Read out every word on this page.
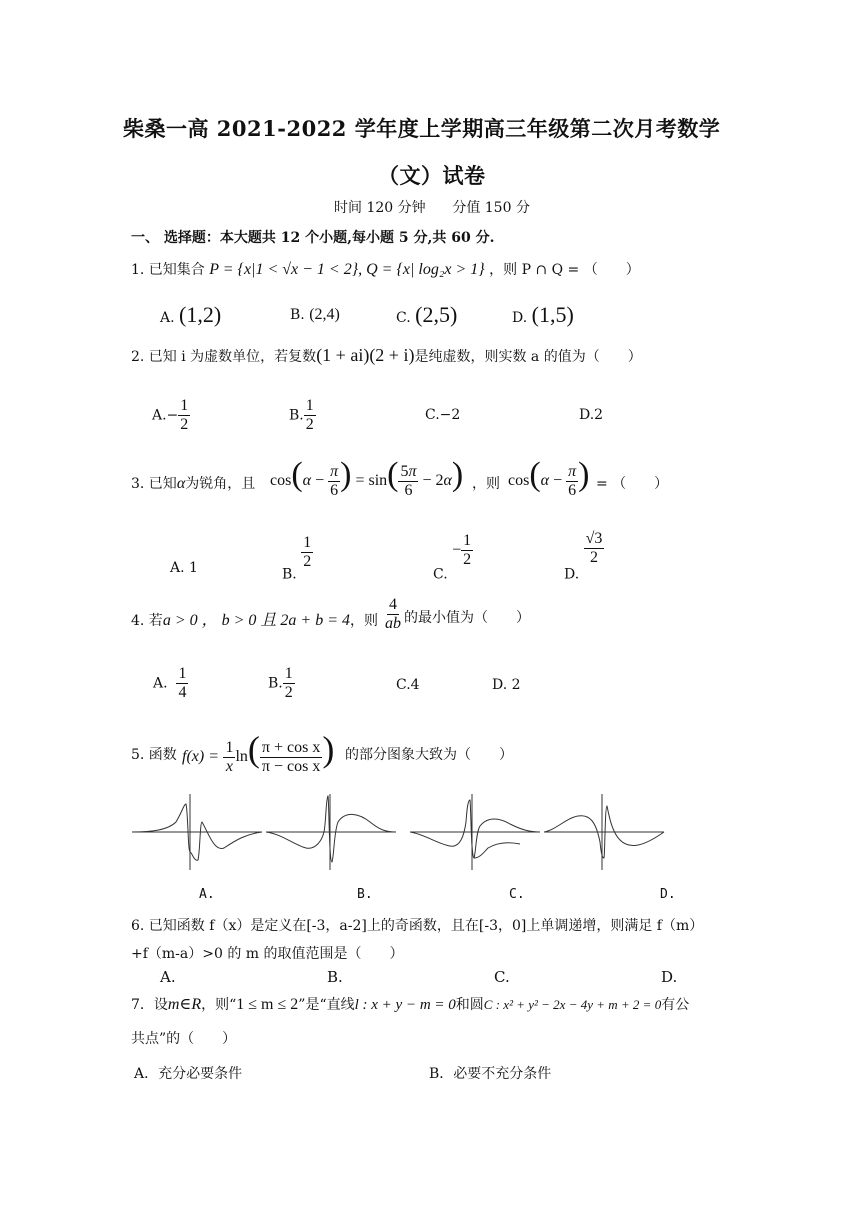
柴桑一高 2021-2022 学年度上学期高三年级第二次月考数学
（文）试卷
时间 120 分钟      分值 150 分
一、 选择题：本大题共 12 个小题,每小题 5 分,共 60 分.
1. 已知集合 P = {x|1 < √x − 1 < 2}, Q = {x| log₂x > 1} ，则 P ∩ Q = （　　）
A. (1,2)	B. (2,4)	C. (2,5)	D. (1,5)
2. 已知 i 为虚数单位，若复数(1 + ai)(2 + i)是纯虚数，则实数 a 的值为（　　）
$A.- \frac{1}{2}$	B. $\frac{1}{2}$	C.−2	D.2
3. 已知α为锐角，且 $\cos(\alpha - \frac{\pi}{6}$ ) = $\sin( \frac{5\pi}{6} - 2\alpha)$ ，则 $\cos(\alpha - \frac{\pi}{6}$ ) = （　　）
A. 1	B.
$\frac{1}{2}$
C. − $\frac{1}{2}$
D.
$\frac{√3}{2}$
4. 若a > 0 ， b > 0 且 2a + b = 4，则 $\frac{4}{ab}$ 的最小值为（　　）
A. $\frac{1}{4}$	B. $\frac{1}{2}$	C.4	D. 2
5. 函数 $f(x) = \frac{1}{x} \ln( \frac{\text{π + cos x}}{\text{π − cos x}}$ ) 的部分图象大致为（　　）
A.	B.	C.	D.
6. 已知函数 f（x）是定义在[-3，a-2]上的奇函数，且在[-3，0]上单调递增，则满足 f（m）
+f（m-a）>0 的 m 的取值范围是（　　）
A.	B.	C.	D.
7．设m∈R，则“1 ≤ m ≤ 2”是“直线l : x + y − m = 0和圆C : x² + y² − 2x − 4y + m + 2 = 0有公
共点”的（　　）
A．充分必要条件	B．必要不充分条件
